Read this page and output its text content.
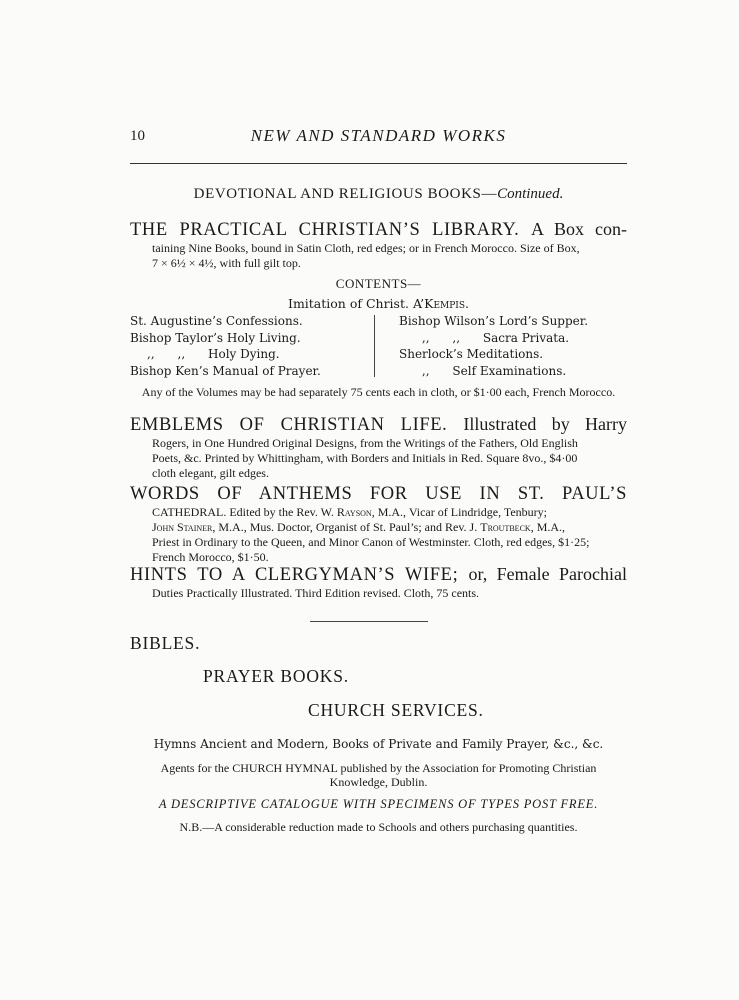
10	NEW AND STANDARD WORKS
DEVOTIONAL AND RELIGIOUS BOOKS—Continued.
THE PRACTICAL CHRISTIAN’S LIBRARY. A Box con-
taining Nine Books, bound in Satin Cloth, red edges; or in French Morocco. Size of Box,
7 × 6½ × 4½, with full gilt top.
CONTENTS—
Imitation of Christ. A’Kempis.
St. Augustine’s Confessions.
Bishop Taylor’s Holy Living.
,,      ,,      Holy Dying.
Bishop Ken’s Manual of Prayer.
Bishop Wilson’s Lord’s Supper.
,,      ,,      Sacra Privata.
Sherlock’s Meditations.
,,      Self Examinations.
Any of the Volumes may be had separately 75 cents each in cloth, or $1·00 each, French Morocco.
EMBLEMS OF CHRISTIAN LIFE. Illustrated by Harry
Rogers, in One Hundred Original Designs, from the Writings of the Fathers, Old English
Poets, &c. Printed by Whittingham, with Borders and Initials in Red. Square 8vo., $4·00
cloth elegant, gilt edges.
WORDS OF ANTHEMS FOR USE IN ST. PAUL’S
CATHEDRAL. Edited by the Rev. W. Rayson, M.A., Vicar of Lindridge, Tenbury;
John Stainer, M.A., Mus. Doctor, Organist of St. Paul’s; and Rev. J. Troutbeck, M.A.,
Priest in Ordinary to the Queen, and Minor Canon of Westminster. Cloth, red edges, $1·25;
French Morocco, $1·50.
HINTS TO A CLERGYMAN’S WIFE; or, Female Parochial
Duties Practically Illustrated. Third Edition revised. Cloth, 75 cents.
BIBLES.
PRAYER BOOKS.
CHURCH SERVICES.
Hymns Ancient and Modern, Books of Private and Family Prayer, &c., &c.
Agents for the CHURCH HYMNAL published by the Association for Promoting Christian
Knowledge, Dublin.
A DESCRIPTIVE CATALOGUE WITH SPECIMENS OF TYPES POST FREE.
N.B.—A considerable reduction made to Schools and others purchasing quantities.
